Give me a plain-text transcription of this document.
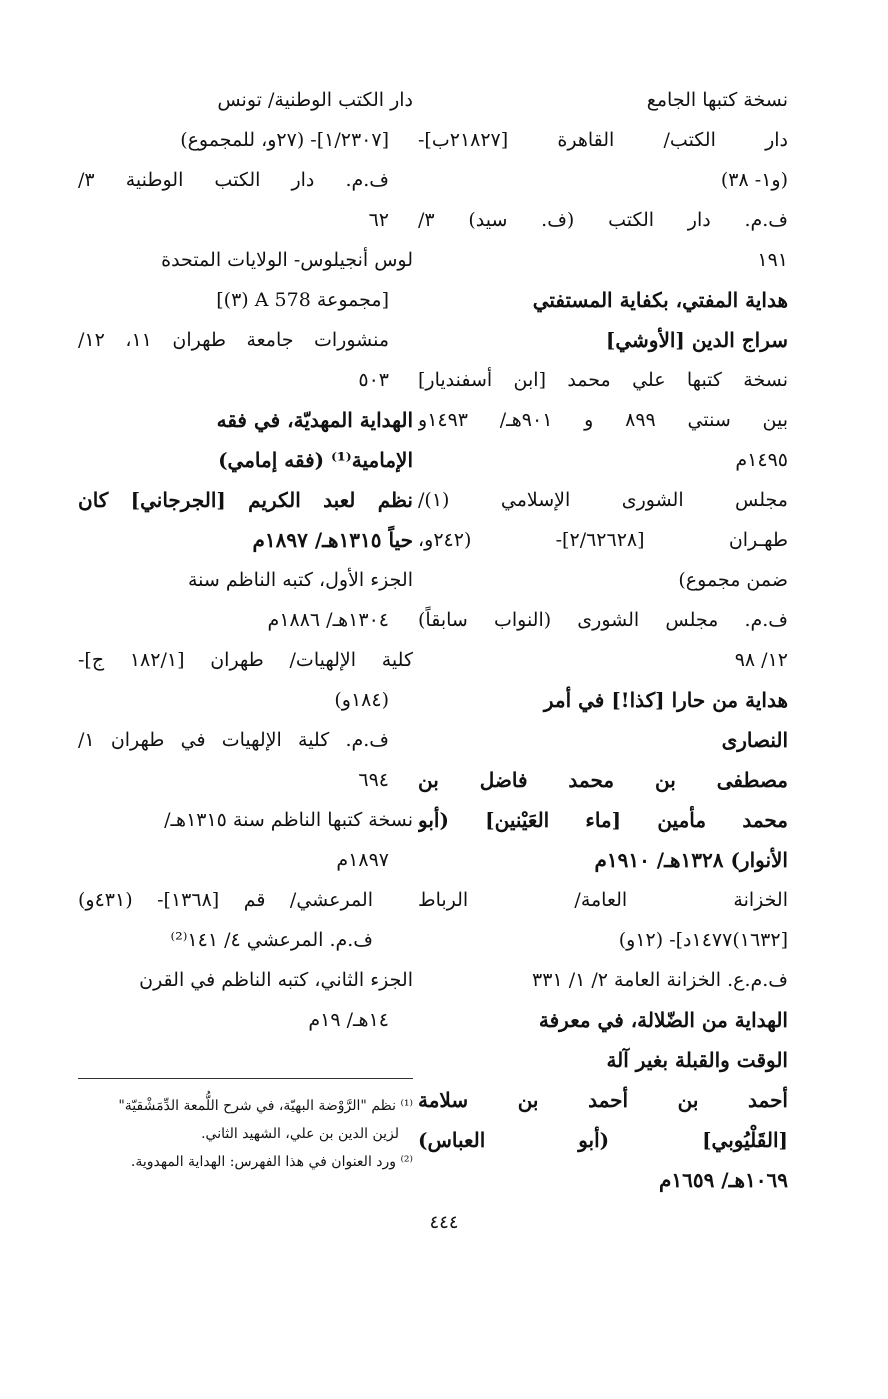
نسخة كتبها الجامع
دار الكتب/ القاهرة [٢١٨٢٧ب]-
(و١- ٣٨)
ف.م. دار الكتب (ف. سيد) ٣/
١٩١
هداية المفتي، بكفاية المستفتي
سراج الدين [الأوشي]
نسخة كتبها علي محمد [ابن أسفنديار]
بين سنتي ٨٩٩ و ٩٠١هـ/ ١٤٩٣و
١٤٩٥م
مجلس الشورى الإسلامي (١)/
طهـران [٢/٦٢٦٢٨]- (٢٤٢و،
ضمن مجموع)
ف.م. مجلس الشورى (النواب سابقاً)
١٢/ ٩٨
هداية من حارا [كذا!] في أمر
النصارى
مصطفى بن محمد فاضل بن
محمد مأمين [ماء العَيْنين] (أبو
الأنوار) ١٣٢٨هـ/ ١٩١٠م
الخزانة العامة/ الرباط
[١٦٣٢)١٤٧٧د]- (١٢و)
ف.م.ع. الخزانة العامة ٢/ ١/ ٣٣١
الهداية من الضّلالة، في معرفة
الوقت والقبلة بغير آلة
أحمد بن أحمد بن سلامة
[القَلْيُوبي] (أبو العباس)
١٠٦٩هـ/ ١٦٥٩م
دار الكتب الوطنية/ تونس
[١/٢٣٠٧]- (٢٧و، للمجموع)
ف.م. دار الكتب الوطنية ٣/
٦٢
لوس أنجيلوس- الولايات المتحدة
[مجموعة A 578 (٣)]
منشورات جامعة طهران ١١، ١٢/
٥٠٣
الهداية المهديّة، في فقه
الإمامية⁽¹⁾ (فقه إمامي)
نظم لعبد الكريم [الجرجاني] كان
حياً ١٣١٥هـ/ ١٨٩٧م
الجزء الأول، كتبه الناظم سنة
١٣٠٤هـ/ ١٨٨٦م
كلية الإلهيات/ طهران [١٨٢/١ ج]-
(١٨٤و)
ف.م. كلية الإلهيات في طهران ١/
٦٩٤
نسخة كتبها الناظم سنة ١٣١٥هـ/
١٨٩٧م
المرعشي/ قم [١٣٦٨]- (٤٣١و)
ف.م. المرعشي ٤/ ١٤١⁽²⁾
الجزء الثاني، كتبه الناظم في القرن
١٤هـ/ ١٩م
⁽¹⁾ نظم "الرَّوْضة البهيّة، في شرح اللُّمعة الدِّمَشْقيّة"
لزين الدين بن علي، الشهيد الثاني.
⁽²⁾ ورد العنوان في هذا الفهرس: الهداية المهدوية.
٤٤٤
